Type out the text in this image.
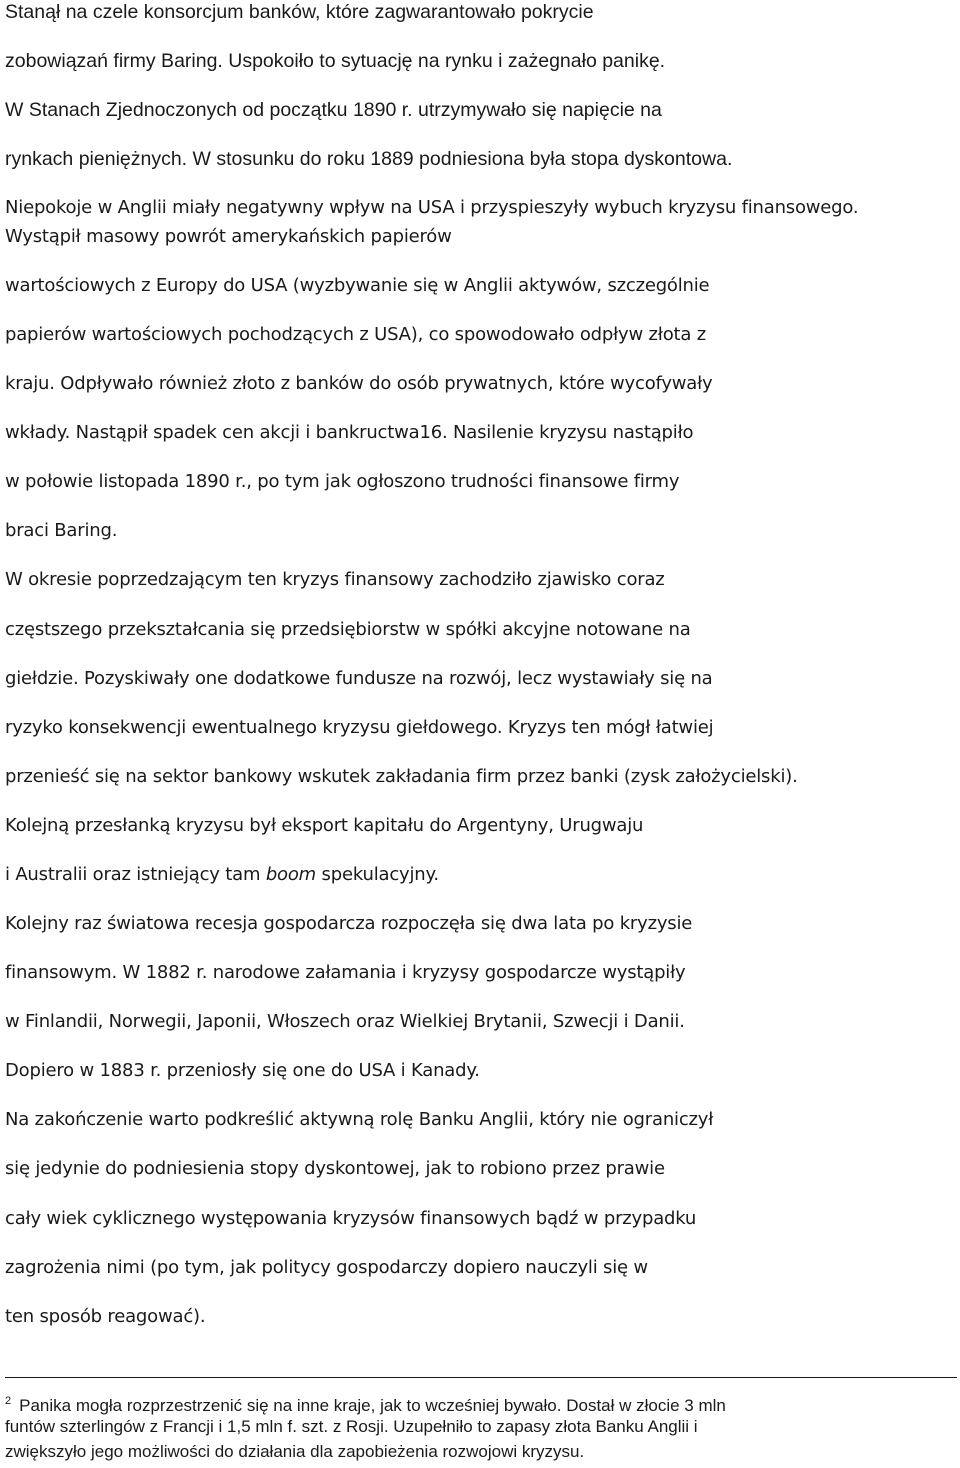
Stanął na czele konsorcjum banków, które zagwarantowało pokrycie
zobowiązań firmy Baring. Uspokoiło to sytuację na rynku i zażegnało panikę.
W Stanach Zjednoczonych od początku 1890 r. utrzymywało się napięcie na
rynkach pieniężnych. W stosunku do roku 1889 podniesiona była stopa dyskontowa.
Niepokoje w Anglii miały negatywny wpływ na USA i przyspieszyły wybuch kryzysu finansowego.
Wystąpił masowy powrót amerykańskich papierów
wartościowych z Europy do USA (wyzbywanie się w Anglii aktywów, szczególnie
papierów wartościowych pochodzących z USA), co spowodowało odpływ złota z
kraju. Odpływało również złoto z banków do osób prywatnych, które wycofywały
wkłady. Nastąpił spadek cen akcji i bankructwa16. Nasilenie kryzysu nastąpiło
w połowie listopada 1890 r., po tym jak ogłoszono trudności finansowe firmy
braci Baring.
W okresie poprzedzającym ten kryzys finansowy zachodziło zjawisko coraz
częstszego przekształcania się przedsiębiorstw w spółki akcyjne notowane na
giełdzie. Pozyskiwały one dodatkowe fundusze na rozwój, lecz wystawiały się na
ryzyko konsekwencji ewentualnego kryzysu giełdowego. Kryzys ten mógł łatwiej
przenieść się na sektor bankowy wskutek zakładania firm przez banki (zysk założycielski).
Kolejną przesłanką kryzysu był eksport kapitału do Argentyny, Urugwaju
i Australii oraz istniejący tam boom spekulacyjny.
Kolejny raz światowa recesja gospodarcza rozpoczęła się dwa lata po kryzysie
finansowym. W 1882 r. narodowe załamania i kryzysy gospodarcze wystąpiły
w Finlandii, Norwegii, Japonii, Włoszech oraz Wielkiej Brytanii, Szwecji i Danii.
Dopiero w 1883 r. przeniosły się one do USA i Kanady.
Na zakończenie warto podkreślić aktywną rolę Banku Anglii, który nie ograniczył
się jedynie do podniesienia stopy dyskontowej, jak to robiono przez prawie
cały wiek cyklicznego występowania kryzysów finansowych bądź w przypadku
zagrożenia nimi (po tym, jak politycy gospodarczy dopiero nauczyli się w
ten sposób reagować).
$^2$ Panika mogła rozprzestrzenić się na inne kraje, jak to wcześniej bywało. Dostał w złocie 3 mln
funtów szterlingów z Francji i 1,5 mln f. szt. z Rosji. Uzupełniło to zapasy złota Banku Anglii i
zwiększyło jego możliwości do działania dla zapobieżenia rozwojowi kryzysu.
